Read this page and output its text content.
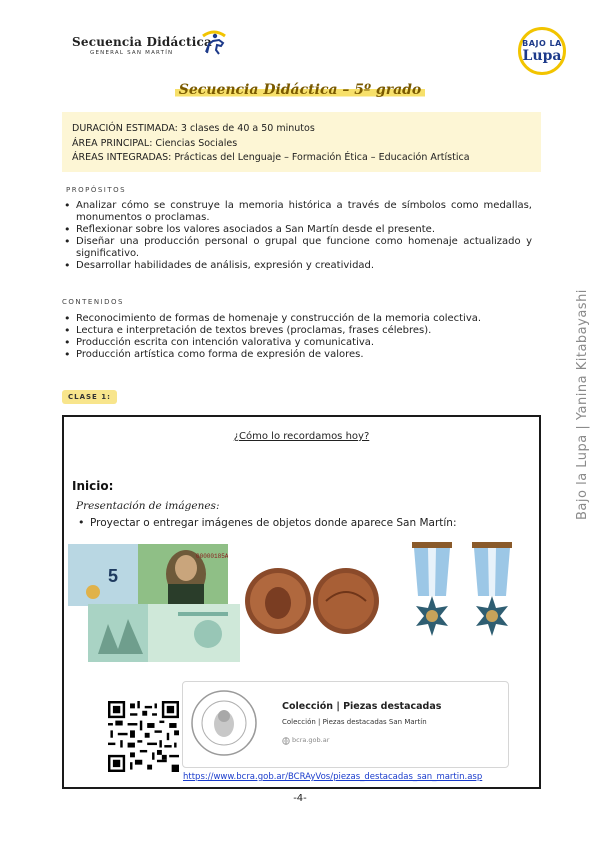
Secuencia Didáctica
GENERAL SAN MARTÍN
BAJO LA
Lupa
Secuencia Didáctica – 5º grado
DURACIÓN ESTIMADA: 3 clases de 40 a 50 minutos
ÁREA PRINCIPAL: Ciencias Sociales
ÁREAS INTEGRADAS: Prácticas del Lenguaje – Formación Ética – Educación Artística
PROPÓSITOS
• Analizar cómo se construye la memoria histórica a través de símbolos como medallas, monumentos o proclamas.
• Reflexionar sobre los valores asociados a San Martín desde el presente.
• Diseñar una producción personal o grupal que funcione como homenaje actualizado y significativo.
• Desarrollar habilidades de análisis, expresión y creatividad.
CONTENIDOS
• Reconocimiento de formas de homenaje y construcción de la memoria colectiva.
• Lectura e interpretación de textos breves (proclamas, frases célebres).
• Producción escrita con intención valorativa y comunicativa.
• Producción artística como forma de expresión de valores.
CLASE 1:
¿Cómo lo recordamos hoy?
Inicio:
Presentación de imágenes:
• Proyectar o entregar imágenes de objetos donde aparece San Martín:
5
00000185A
Colección | Piezas destacadas
Colección | Piezas destacadas San Martín
bcra.gob.ar
https://www.bcra.gob.ar/BCRAyVos/piezas_destacadas_san_martin.asp
-4-
Bajo la Lupa | Yanina Kitabayashi
